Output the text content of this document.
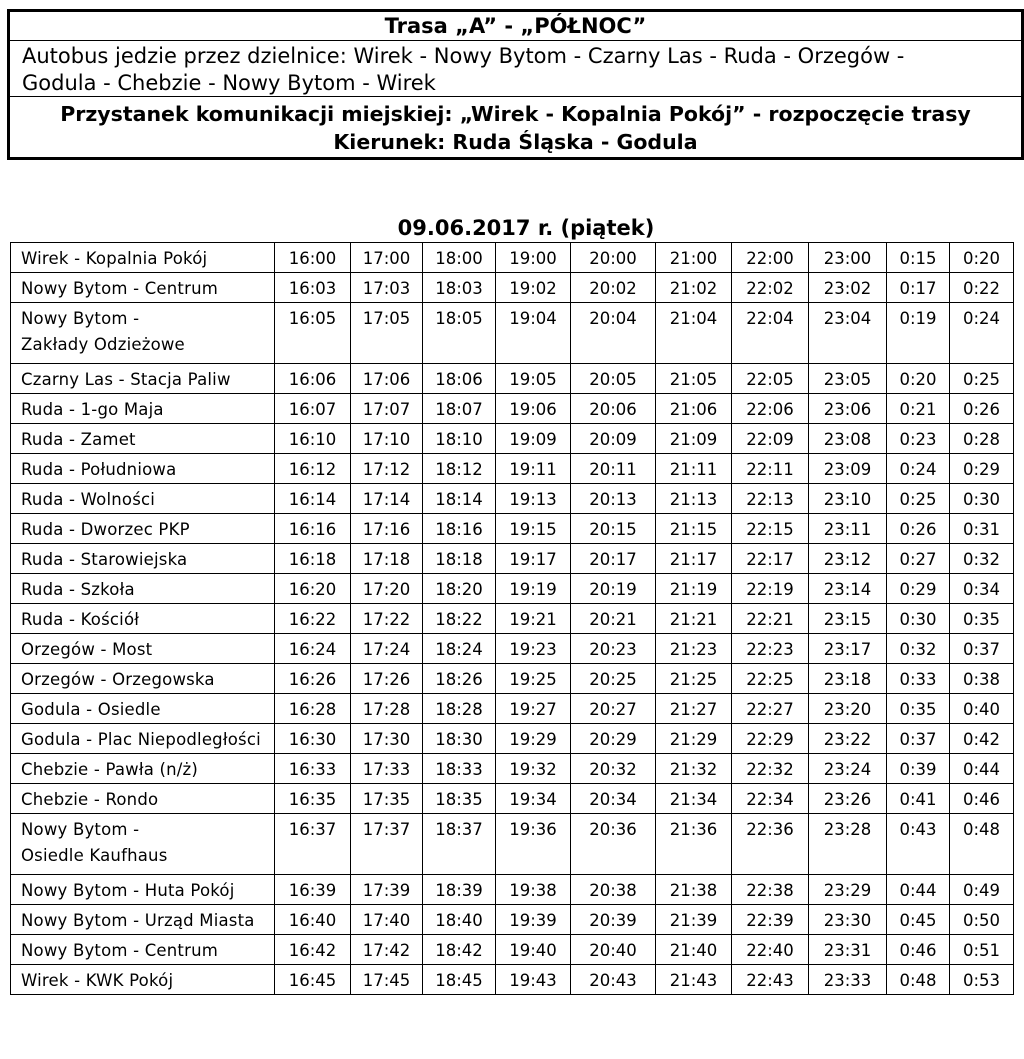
Trasa „A” - „PÓŁNOC”
Autobus jedzie przez dzielnice: Wirek - Nowy Bytom - Czarny Las - Ruda - Orzegów -
Godula - Chebzie - Nowy Bytom - Wirek
Przystanek komunikacji miejskiej: „Wirek - Kopalnia Pokój” - rozpoczęcie trasy
Kierunek: Ruda Śląska - Godula
09.06.2017 r. (piątek)
Wirek - Kopalnia Pokój	16:00	17:00	18:00	19:00	20:00	21:00	22:00	23:00	0:15	0:20
Nowy Bytom - Centrum	16:03	17:03	18:03	19:02	20:02	21:02	22:02	23:02	0:17	0:22
Nowy Bytom -
Zakłady Odzieżowe	16:05	17:05	18:05	19:04	20:04	21:04	22:04	23:04	0:19	0:24
Czarny Las - Stacja Paliw	16:06	17:06	18:06	19:05	20:05	21:05	22:05	23:05	0:20	0:25
Ruda - 1-go Maja	16:07	17:07	18:07	19:06	20:06	21:06	22:06	23:06	0:21	0:26
Ruda - Zamet	16:10	17:10	18:10	19:09	20:09	21:09	22:09	23:08	0:23	0:28
Ruda - Południowa	16:12	17:12	18:12	19:11	20:11	21:11	22:11	23:09	0:24	0:29
Ruda - Wolności	16:14	17:14	18:14	19:13	20:13	21:13	22:13	23:10	0:25	0:30
Ruda - Dworzec PKP	16:16	17:16	18:16	19:15	20:15	21:15	22:15	23:11	0:26	0:31
Ruda - Starowiejska	16:18	17:18	18:18	19:17	20:17	21:17	22:17	23:12	0:27	0:32
Ruda - Szkoła	16:20	17:20	18:20	19:19	20:19	21:19	22:19	23:14	0:29	0:34
Ruda - Kościół	16:22	17:22	18:22	19:21	20:21	21:21	22:21	23:15	0:30	0:35
Orzegów - Most	16:24	17:24	18:24	19:23	20:23	21:23	22:23	23:17	0:32	0:37
Orzegów - Orzegowska	16:26	17:26	18:26	19:25	20:25	21:25	22:25	23:18	0:33	0:38
Godula - Osiedle	16:28	17:28	18:28	19:27	20:27	21:27	22:27	23:20	0:35	0:40
Godula - Plac Niepodległości	16:30	17:30	18:30	19:29	20:29	21:29	22:29	23:22	0:37	0:42
Chebzie - Pawła (n/ż)	16:33	17:33	18:33	19:32	20:32	21:32	22:32	23:24	0:39	0:44
Chebzie - Rondo	16:35	17:35	18:35	19:34	20:34	21:34	22:34	23:26	0:41	0:46
Nowy Bytom -
Osiedle Kaufhaus	16:37	17:37	18:37	19:36	20:36	21:36	22:36	23:28	0:43	0:48
Nowy Bytom - Huta Pokój	16:39	17:39	18:39	19:38	20:38	21:38	22:38	23:29	0:44	0:49
Nowy Bytom - Urząd Miasta	16:40	17:40	18:40	19:39	20:39	21:39	22:39	23:30	0:45	0:50
Nowy Bytom - Centrum	16:42	17:42	18:42	19:40	20:40	21:40	22:40	23:31	0:46	0:51
Wirek - KWK Pokój	16:45	17:45	18:45	19:43	20:43	21:43	22:43	23:33	0:48	0:53
